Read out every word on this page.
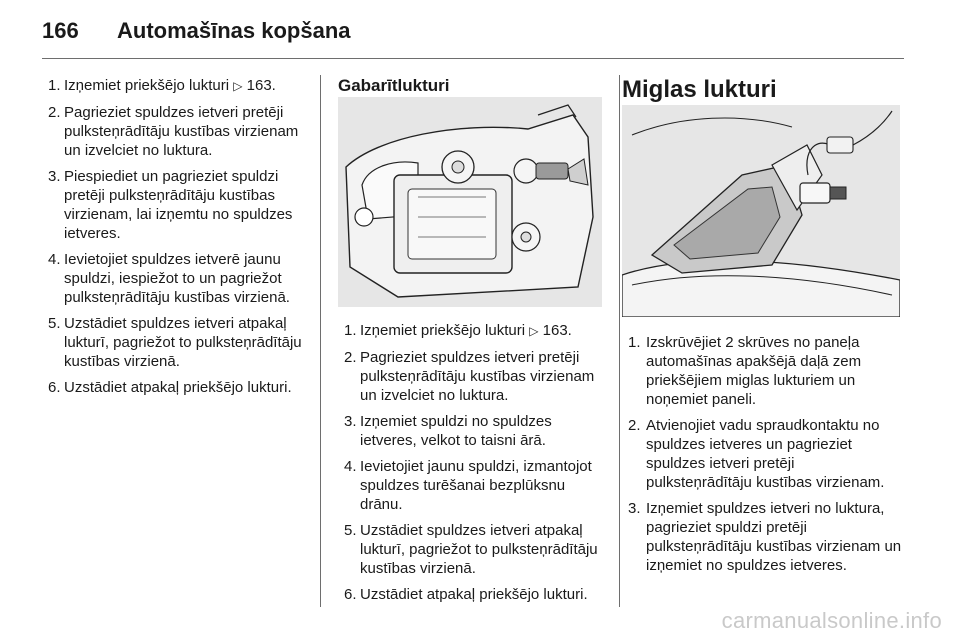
166	Automašīnas kopšana
1. Izņemiet priekšējo lukturi ▷ 163.
2. Pagrieziet spuldzes ietveri pretēji pulksteņrādītāju kustības virzienam un izvelciet no luktura.
3. Piespiediet un pagrieziet spuldzi pretēji pulksteņrādītāju kustības virzienam, lai izņemtu no spuldzes ietveres.
4. Ievietojiet spuldzes ietverē jaunu spuldzi, iespiežot to un pagriežot pulksteņrādītāju kustības virzienā.
5. Uzstādiet spuldzes ietveri atpakaļ lukturī, pagriežot to pulksteņrādītāju kustības virzienā.
6. Uzstādiet atpakaļ priekšējo lukturi.
Gabarītlukturi
1. Izņemiet priekšējo lukturi ▷ 163.
2. Pagrieziet spuldzes ietveri pretēji pulksteņrādītāju kustības virzienam un izvelciet no luktura.
3. Izņemiet spuldzi no spuldzes ietveres, velkot to taisni ārā.
4. Ievietojiet jaunu spuldzi, izmantojot spuldzes turēšanai bezplūksnu drānu.
5. Uzstādiet spuldzes ietveri atpakaļ lukturī, pagriežot to pulksteņrādītāju kustības virzienā.
6. Uzstādiet atpakaļ priekšējo lukturi.
Miglas lukturi
1. Izskrūvējiet 2 skrūves no paneļa automašīnas apakšējā daļā zem priekšējiem miglas lukturiem un noņemiet paneli.
2. Atvienojiet vadu spraudkontaktu no spuldzes ietveres un pagrieziet spuldzes ietveri pretēji pulksteņrādītāju kustības virzienam.
3. Izņemiet spuldzes ietveri no luktura, pagrieziet spuldzi pretēji pulksteņrādītāju kustības virzienam un izņemiet no spuldzes ietveres.
carmanualsonline.info
